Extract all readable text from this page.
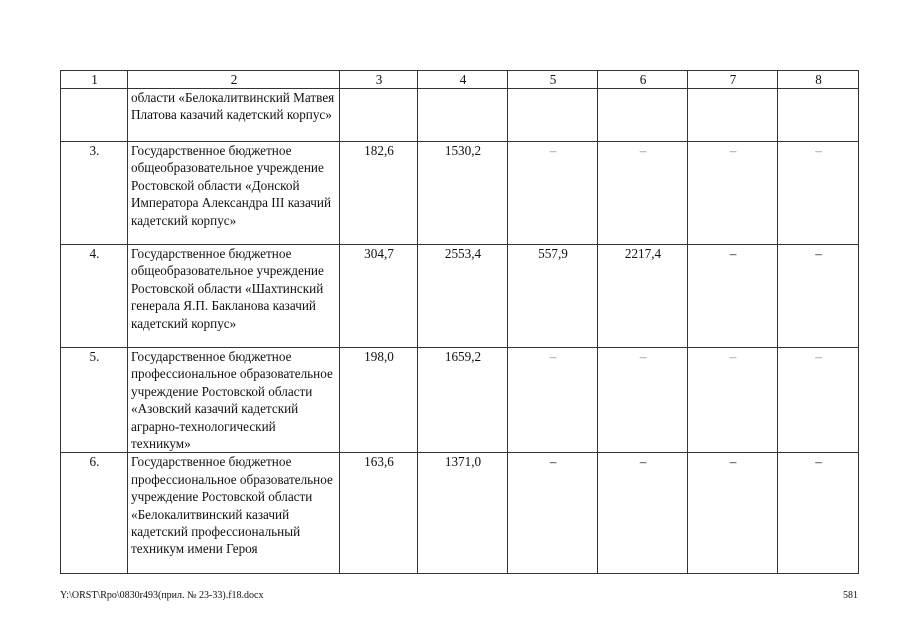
1	2	3	4	5	6	7	8
	области «Белокалитвинский Матвея Платова казачий кадетский корпус»						
3.	Государственное бюджетное общеобразовательное учреждение Ростовской области «Донской Императора Александра III казачий кадетский корпус»	182,6	1530,2	–	–	–	–
4.	Государственное бюджетное общеобразовательное учреждение Ростовской области «Шахтинский генерала Я.П. Бакланова казачий кадетский корпус»	304,7	2553,4	557,9	2217,4	–	–
5.	Государственное бюджетное профессиональное образовательное учреждение Ростовской области «Азовский казачий кадетский аграрно-технологический техникум»	198,0	1659,2	–	–	–	–
6.	Государственное бюджетное профессиональное образовательное учреждение Ростовской области «Белокалитвинский казачий кадетский профессиональный техникум имени Героя	163,6	1371,0	–	–	–	–
Y:\ORST\Rpo\0830r493(прил. № 23-33).f18.docx	581
